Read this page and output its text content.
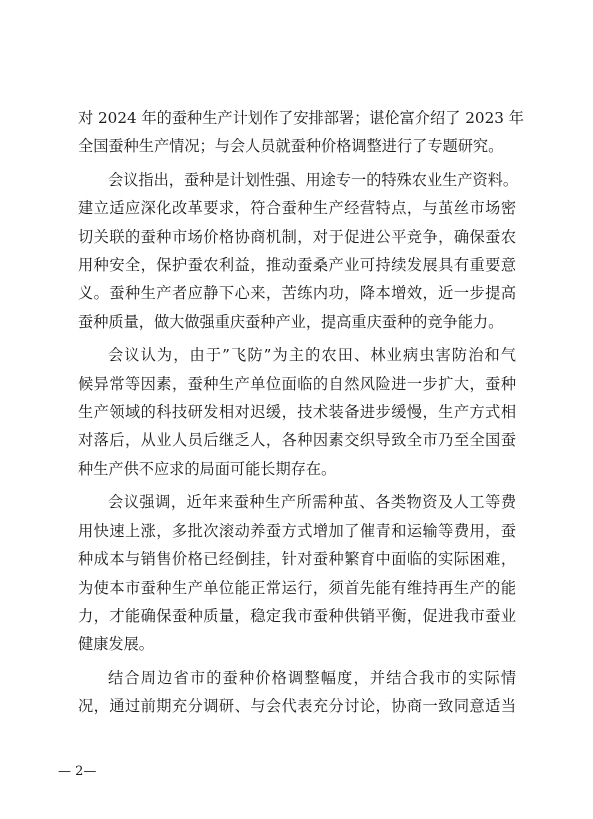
对 2024 年的蚕种生产计划作了安排部署；谌伦富介绍了 2023 年
全国蚕种生产情况；与会人员就蚕种价格调整进行了专题研究。
会议指出，蚕种是计划性强、用途专一的特殊农业生产资料。
建立适应深化改革要求，符合蚕种生产经营特点，与茧丝市场密
切关联的蚕种市场价格协商机制，对于促进公平竞争，确保蚕农
用种安全，保护蚕农利益，推动蚕桑产业可持续发展具有重要意
义。蚕种生产者应静下心来，苦练内功，降本增效，近一步提高
蚕种质量，做大做强重庆蚕种产业，提高重庆蚕种的竞争能力。
会议认为，由于”飞防”为主的农田、林业病虫害防治和气
候异常等因素，蚕种生产单位面临的自然风险进一步扩大，蚕种
生产领域的科技研发相对迟缓，技术装备进步缓慢，生产方式相
对落后，从业人员后继乏人，各种因素交织导致全市乃至全国蚕
种生产供不应求的局面可能长期存在。
会议强调，近年来蚕种生产所需种茧、各类物资及人工等费
用快速上涨，多批次滚动养蚕方式增加了催青和运输等费用，蚕
种成本与销售价格已经倒挂，针对蚕种繁育中面临的实际困难，
为使本市蚕种生产单位能正常运行，须首先能有维持再生产的能
力，才能确保蚕种质量，稳定我市蚕种供销平衡，促进我市蚕业
健康发展。
结合周边省市的蚕种价格调整幅度，并结合我市的实际情
况，通过前期充分调研、与会代表充分讨论，协商一致同意适当
— 2—
